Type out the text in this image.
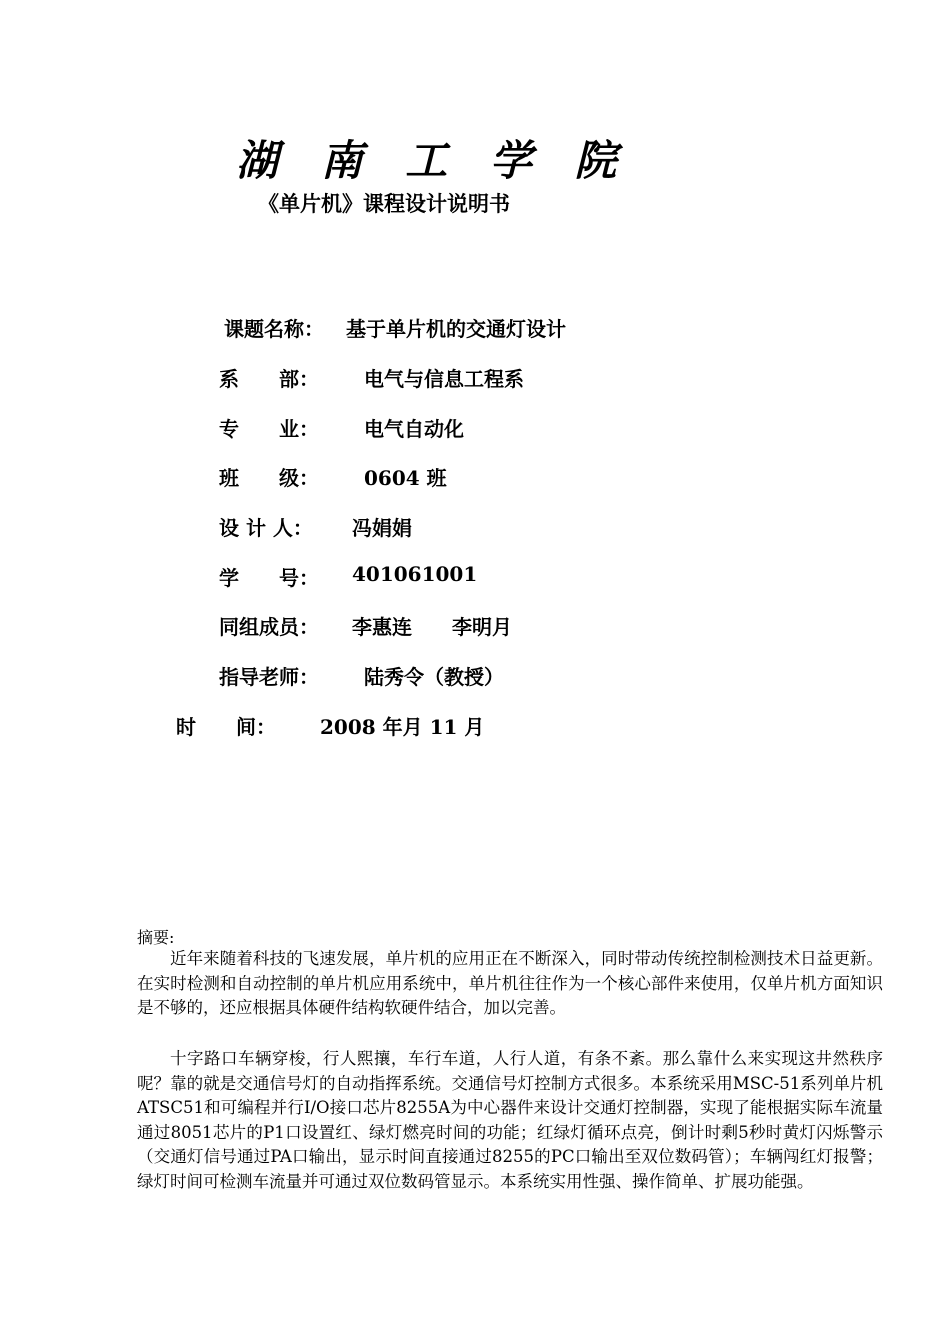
湖 南 工 学 院
《单片机》课程设计说明书
课题名称： 基于单片机的交通灯设计
系　　部： 电气与信息工程系
专　　业： 电气自动化
班　　级： 0604 班
设 计 人： 冯娟娟
学　　号： 401061001
同组成员： 李惠连　　李明月
指导老师： 陆秀令（教授）
时　　间： 2008 年月 11 月
摘要:
近年来随着科技的飞速发展，单片机的应用正在不断深入，同时带动传统控制检测技术日益更新。在实时检测和自动控制的单片机应用系统中，单片机往往作为一个核心部件来使用，仅单片机方面知识是不够的，还应根据具体硬件结构软硬件结合，加以完善。
十字路口车辆穿梭，行人熙攘，车行车道，人行人道，有条不紊。那么靠什么来实现这井然秩序呢？靠的就是交通信号灯的自动指挥系统。交通信号灯控制方式很多。本系统采用MSC-51系列单片机ATSC51和可编程并行I/O接口芯片8255A为中心器件来设计交通灯控制器，实现了能根据实际车流量通过8051芯片的P1口设置红、绿灯燃亮时间的功能；红绿灯循环点亮，倒计时剩5秒时黄灯闪烁警示（交通灯信号通过PA口输出，显示时间直接通过8255的PC口输出至双位数码管）；车辆闯红灯报警；绿灯时间可检测车流量并可通过双位数码管显示。本系统实用性强、操作简单、扩展功能强。
